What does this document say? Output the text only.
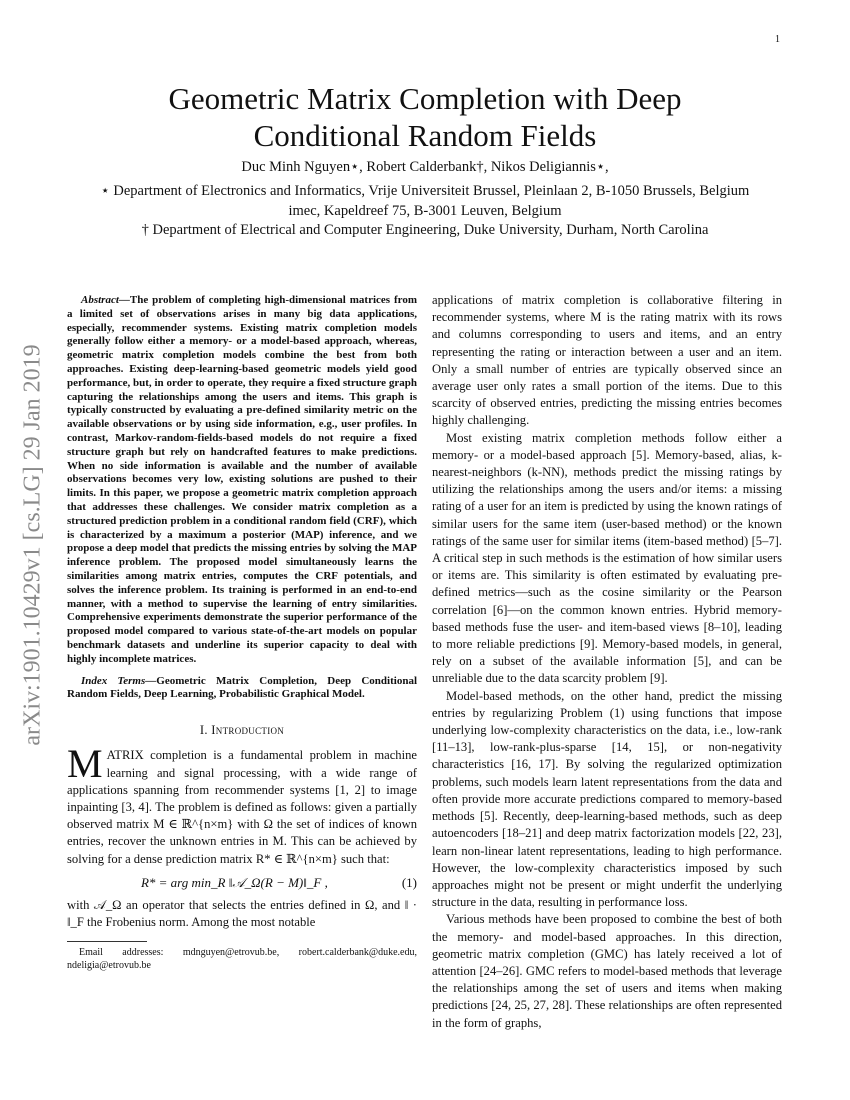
1
arXiv:1901.10429v1 [cs.LG] 29 Jan 2019
Geometric Matrix Completion with Deep Conditional Random Fields
Duc Minh Nguyen⋆, Robert Calderbank†, Nikos Deligiannis⋆,
⋆ Department of Electronics and Informatics, Vrije Universiteit Brussel, Pleinlaan 2, B-1050 Brussels, Belgium
imec, Kapeldreef 75, B-3001 Leuven, Belgium
† Department of Electrical and Computer Engineering, Duke University, Durham, North Carolina

Abstract—The problem of completing high-dimensional matrices from a limited set of observations arises in many big data applications, especially, recommender systems. Existing matrix completion models generally follow either a memory- or a model-based approach, whereas, geometric matrix completion models combine the best from both approaches. Existing deep-learning-based geometric models yield good performance, but, in order to operate, they require a fixed structure graph capturing the relationships among the users and items. This graph is typically constructed by evaluating a pre-defined similarity metric on the available observations or by using side information, e.g., user profiles. In contrast, Markov-random-fields-based models do not require a fixed structure graph but rely on handcrafted features to make predictions. When no side information is available and the number of available observations becomes very low, existing solutions are pushed to their limits. In this paper, we propose a geometric matrix completion approach that addresses these challenges. We consider matrix completion as a structured prediction problem in a conditional random field (CRF), which is characterized by a maximum a posterior (MAP) inference, and we propose a deep model that predicts the missing entries by solving the MAP inference problem. The proposed model simultaneously learns the similarities among matrix entries, computes the CRF potentials, and solves the inference problem. Its training is performed in an end-to-end manner, with a method to supervise the learning of entry similarities. Comprehensive experiments demonstrate the superior performance of the proposed model compared to various state-of-the-art models on popular benchmark datasets and underline its superior capacity to deal with highly incomplete matrices.

Index Terms—Geometric Matrix Completion, Deep Conditional Random Fields, Deep Learning, Probabilistic Graphical Model.

I. Introduction

MATRIX completion is a fundamental problem in machine learning and signal processing, with a wide range of applications spanning from recommender systems [1, 2] to image inpainting [3, 4]. The problem is defined as follows: given a partially observed matrix M ∈ ℝ^{n×m} with Ω the set of indices of known entries, recover the unknown entries in M. This can be achieved by solving for a dense prediction matrix R* ∈ ℝ^{n×m} such that:

R* = arg min_R ‖𝒜_Ω(R − M)‖_F ,	(1)

with 𝒜_Ω an operator that selects the entries defined in Ω, and ‖ · ‖_F the Frobenius norm. Among the most notable

Email addresses: mdnguyen@etrovub.be, robert.calderbank@duke.edu, ndeligia@etrovub.be

applications of matrix completion is collaborative filtering in recommender systems, where M is the rating matrix with its rows and columns corresponding to users and items, and an entry representing the rating or interaction between a user and an item. Only a small number of entries are typically observed since an average user only rates a small portion of the items. Due to this scarcity of observed entries, predicting the missing entries becomes highly challenging.

Most existing matrix completion methods follow either a memory- or a model-based approach [5]. Memory-based, alias, k-nearest-neighbors (k-NN), methods predict the missing ratings by utilizing the relationships among the users and/or items: a missing rating of a user for an item is predicted by using the known ratings of similar users for the same item (user-based method) or the known ratings of the same user for similar items (item-based method) [5–7]. A critical step in such methods is the estimation of how similar users or items are. This similarity is often estimated by evaluating pre-defined metrics—such as the cosine similarity or the Pearson correlation [6]—on the common known entries. Hybrid memory-based methods fuse the user- and item-based views [8–10], leading to more reliable predictions [9]. Memory-based models, in general, rely on a subset of the available information [5], and can be unreliable due to the data scarcity problem [9].

Model-based methods, on the other hand, predict the missing entries by regularizing Problem (1) using functions that impose underlying low-complexity characteristics on the data, i.e., low-rank [11–13], low-rank-plus-sparse [14, 15], or non-negativity characteristics [16, 17]. By solving the regularized optimization problems, such models learn latent representations from the data and often provide more accurate predictions compared to memory-based methods [5]. Recently, deep-learning-based methods, such as deep autoencoders [18–21] and deep matrix factorization models [22, 23], learn non-linear latent representations, leading to high performance. However, the low-complexity characteristics imposed by such approaches might not be present or might underfit the underlying structure in the data, resulting in performance loss.

Various methods have been proposed to combine the best of both the memory- and model-based approaches. In this direction, geometric matrix completion (GMC) has lately received a lot of attention [24–26]. GMC refers to model-based methods that leverage the relationships among the set of users and items when making predictions [24, 25, 27, 28]. These relationships are often represented in the form of graphs,
